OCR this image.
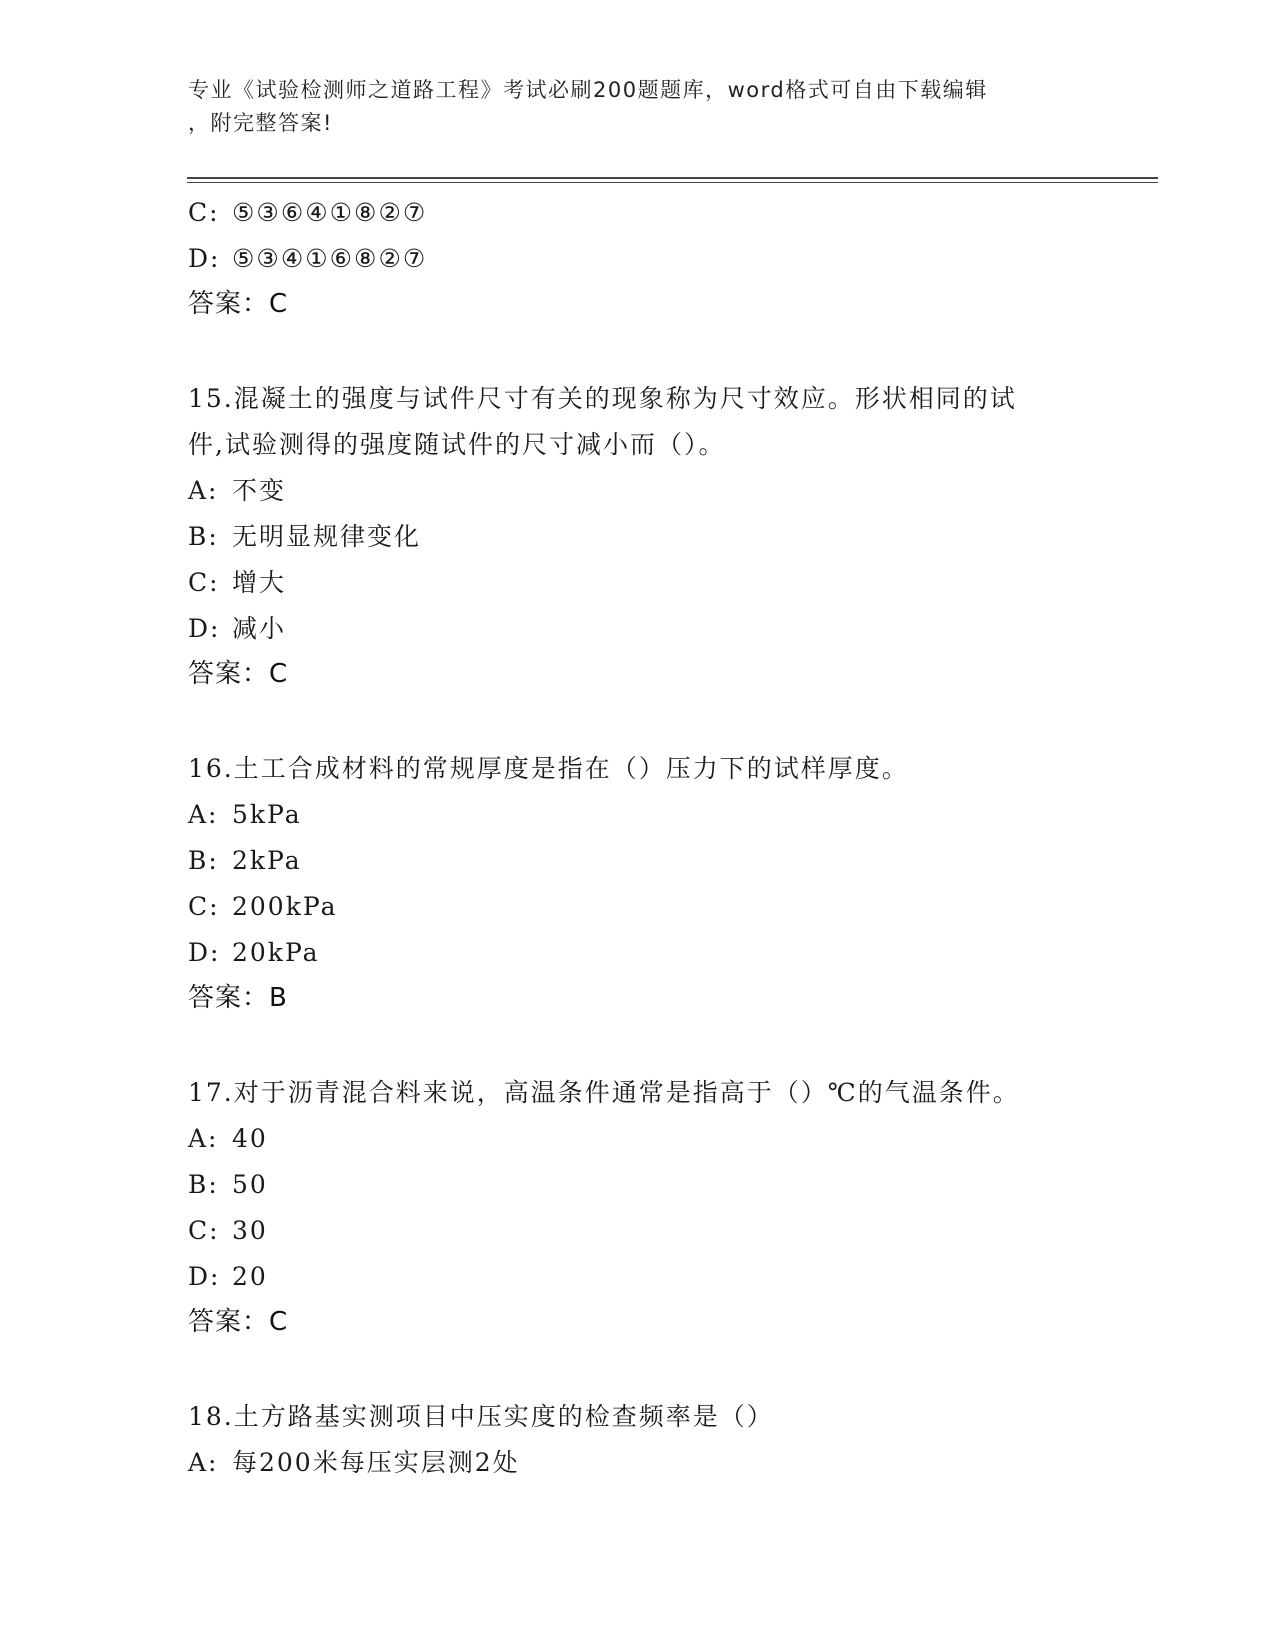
专业《试验检测师之道路工程》考试必刷200题题库，word格式可自由下载编辑
，附完整答案!
C: ⑤③⑥④①⑧②⑦
D: ⑤③④①⑥⑧②⑦
答案：C
15.混凝土的强度与试件尺寸有关的现象称为尺寸效应。形状相同的试
件,试验测得的强度随试件的尺寸减小而（）。
A: 不变
B: 无明显规律变化
C: 增大
D: 减小
答案：C
16.土工合成材料的常规厚度是指在（）压力下的试样厚度。
A: 5kPa
B: 2kPa
C: 200kPa
D: 20kPa
答案：B
17.对于沥青混合料来说，高温条件通常是指高于（）℃的气温条件。
A: 40
B: 50
C: 30
D: 20
答案：C
18.土方路基实测项目中压实度的检查频率是（）
A: 每200米每压实层测2处
